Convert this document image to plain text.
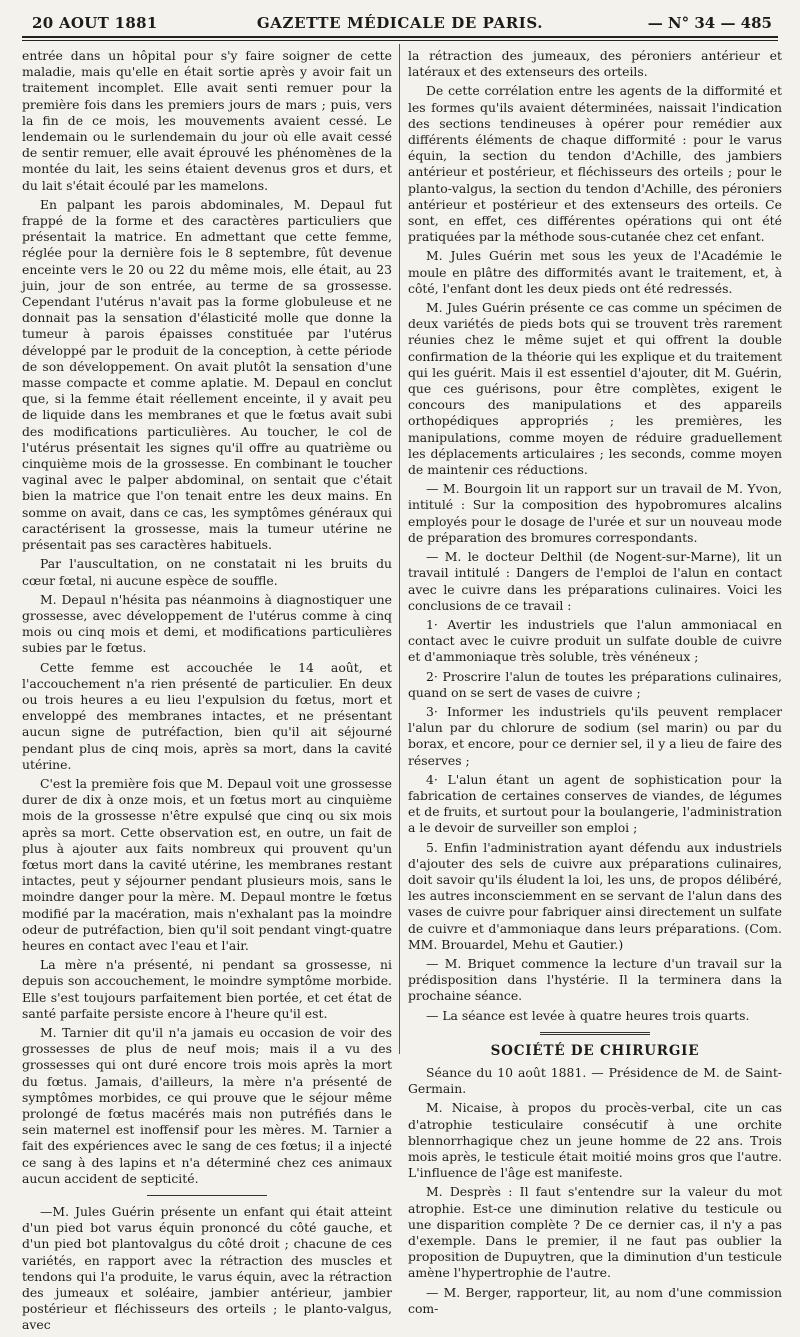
20 AOUT 1881	GAZETTE MÉDICALE DE PARIS.	— N° 34 — 485

entrée dans un hôpital pour s'y faire soigner de cette maladie, mais qu'elle en était sortie après y avoir fait un traitement incomplet. Elle avait senti remuer pour la première fois dans les premiers jours de mars ; puis, vers la fin de ce mois, les mouvements avaient cessé. Le lendemain ou le surlendemain du jour où elle avait cessé de sentir remuer, elle avait éprouvé les phénomènes de la montée du lait, les seins étaient devenus gros et durs, et du lait s'était écoulé par les mamelons.

En palpant les parois abdominales, M. Depaul fut frappé de la forme et des caractères particuliers que présentait la matrice. En admettant que cette femme, réglée pour la dernière fois le 8 septembre, fût devenue enceinte vers le 20 ou 22 du même mois, elle était, au 23 juin, jour de son entrée, au terme de sa grossesse. Cependant l'utérus n'avait pas la forme globuleuse et ne donnait pas la sensation d'élasticité molle que donne la tumeur à parois épaisses constituée par l'utérus développé par le produit de la conception, à cette période de son développement. On avait plutôt la sensation d'une masse compacte et comme aplatie. M. Depaul en conclut que, si la femme était réellement enceinte, il y avait peu de liquide dans les membranes et que le fœtus avait subi des modifications particulières. Au toucher, le col de l'utérus présentait les signes qu'il offre au quatrième ou cinquième mois de la grossesse. En combinant le toucher vaginal avec le palper abdominal, on sentait que c'était bien la matrice que l'on tenait entre les deux mains. En somme on avait, dans ce cas, les symptômes généraux qui caractérisent la grossesse, mais la tumeur utérine ne présentait pas ses caractères habituels.

Par l'auscultation, on ne constatait ni les bruits du cœur fœtal, ni aucune espèce de souffle.

M. Depaul n'hésita pas néanmoins à diagnostiquer une grossesse, avec développement de l'utérus comme à cinq mois ou cinq mois et demi, et modifications particulières subies par le fœtus.

Cette femme est accouchée le 14 août, et l'accouchement n'a rien présenté de particulier. En deux ou trois heures a eu lieu l'expulsion du fœtus, mort et enveloppé des membranes intactes, et ne présentant aucun signe de putréfaction, bien qu'il ait séjourné pendant plus de cinq mois, après sa mort, dans la cavité utérine.

C'est la première fois que M. Depaul voit une grossesse durer de dix à onze mois, et un fœtus mort au cinquième mois de la grossesse n'être expulsé que cinq ou six mois après sa mort. Cette observation est, en outre, un fait de plus à ajouter aux faits nombreux qui prouvent qu'un fœtus mort dans la cavité utérine, les membranes restant intactes, peut y séjourner pendant plusieurs mois, sans le moindre danger pour la mère. M. Depaul montre le fœtus modifié par la macération, mais n'exhalant pas la moindre odeur de putréfaction, bien qu'il soit pendant vingt-quatre heures en contact avec l'eau et l'air.

La mère n'a présenté, ni pendant sa grossesse, ni depuis son accouchement, le moindre symptôme morbide. Elle s'est toujours parfaitement bien portée, et cet état de santé parfaite persiste encore à l'heure qu'il est.

M. Tarnier dit qu'il n'a jamais eu occasion de voir des grossesses de plus de neuf mois; mais il a vu des grossesses qui ont duré encore trois mois après la mort du fœtus. Jamais, d'ailleurs, la mère n'a présenté de symptômes morbides, ce qui prouve que le séjour même prolongé de fœtus macérés mais non putréfiés dans le sein maternel est inoffensif pour les mères. M. Tarnier a fait des expériences avec le sang de ces fœtus; il a injecté ce sang à des lapins et n'a déterminé chez ces animaux aucun accident de septicité.

—M. Jules Guérin présente un enfant qui était atteint d'un pied bot varus équin prononcé du côté gauche, et d'un pied bot plantovalgus du côté droit ; chacune de ces variétés, en rapport avec la rétraction des muscles et tendons qui l'a produite, le varus équin, avec la rétraction des jumeaux et soléaire, jambier antérieur, jambier postérieur et fléchisseurs des orteils ; le planto-valgus, avec

la rétraction des jumeaux, des péroniers antérieur et latéraux et des extenseurs des orteils.

De cette corrélation entre les agents de la difformité et les formes qu'ils avaient déterminées, naissait l'indication des sections tendineuses à opérer pour remédier aux différents éléments de chaque difformité : pour le varus équin, la section du tendon d'Achille, des jambiers antérieur et postérieur, et fléchisseurs des orteils ; pour le planto-valgus, la section du tendon d'Achille, des péroniers antérieur et postérieur et des extenseurs des orteils. Ce sont, en effet, ces différentes opérations qui ont été pratiquées par la méthode sous-cutanée chez cet enfant.

M. Jules Guérin met sous les yeux de l'Académie le moule en plâtre des difformités avant le traitement, et, à côté, l'enfant dont les deux pieds ont été redressés.

M. Jules Guérin présente ce cas comme un spécimen de deux variétés de pieds bots qui se trouvent très rarement réunies chez le même sujet et qui offrent la double confirmation de la théorie qui les explique et du traitement qui les guérit. Mais il est essentiel d'ajouter, dit M. Guérin, que ces guérisons, pour être complètes, exigent le concours des manipulations et des appareils orthopédiques appropriés ; les premières, les manipulations, comme moyen de réduire graduellement les déplacements articulaires ; les seconds, comme moyen de maintenir ces réductions.

— M. Bourgoin lit un rapport sur un travail de M. Yvon, intitulé : Sur la composition des hypobromures alcalins employés pour le dosage de l'urée et sur un nouveau mode de préparation des bromures correspondants.

— M. le docteur Delthil (de Nogent-sur-Marne), lit un travail intitulé : Dangers de l'emploi de l'alun en contact avec le cuivre dans les préparations culinaires. Voici les conclusions de ce travail :

1· Avertir les industriels que l'alun ammoniacal en contact avec le cuivre produit un sulfate double de cuivre et d'ammoniaque très soluble, très vénéneux ;

2· Proscrire l'alun de toutes les préparations culinaires, quand on se sert de vases de cuivre ;

3· Informer les industriels qu'ils peuvent remplacer l'alun par du chlorure de sodium (sel marin) ou par du borax, et encore, pour ce dernier sel, il y a lieu de faire des réserves ;

4· L'alun étant un agent de sophistication pour la fabrication de certaines conserves de viandes, de légumes et de fruits, et surtout pour la boulangerie, l'administration a le devoir de surveiller son emploi ;

5. Enfin l'administration ayant défendu aux industriels d'ajouter des sels de cuivre aux préparations culinaires, doit savoir qu'ils éludent la loi, les uns, de propos délibéré, les autres inconsciemment en se servant de l'alun dans des vases de cuivre pour fabriquer ainsi directement un sulfate de cuivre et d'ammoniaque dans leurs préparations. (Com. MM. Brouardel, Mehu et Gautier.)

— M. Briquet commence la lecture d'un travail sur la prédisposition dans l'hystérie. Il la terminera dans la prochaine séance.

— La séance est levée à quatre heures trois quarts.

SOCIÉTÉ DE CHIRURGIE

Séance du 10 août 1881. — Présidence de M. de Saint-Germain.

M. Nicaise, à propos du procès-verbal, cite un cas d'atrophie testiculaire consécutif à une orchite blennorrhagique chez un jeune homme de 22 ans. Trois mois après, le testicule était moitié moins gros que l'autre. L'influence de l'âge est manifeste.

M. Desprès : Il faut s'entendre sur la valeur du mot atrophie. Est-ce une diminution relative du testicule ou une disparition complète ? De ce dernier cas, il n'y a pas d'exemple. Dans le premier, il ne faut pas oublier la proposition de Dupuytren, que la diminution d'un testicule amène l'hypertrophie de l'autre.

— M. Berger, rapporteur, lit, au nom d'une commission com-
